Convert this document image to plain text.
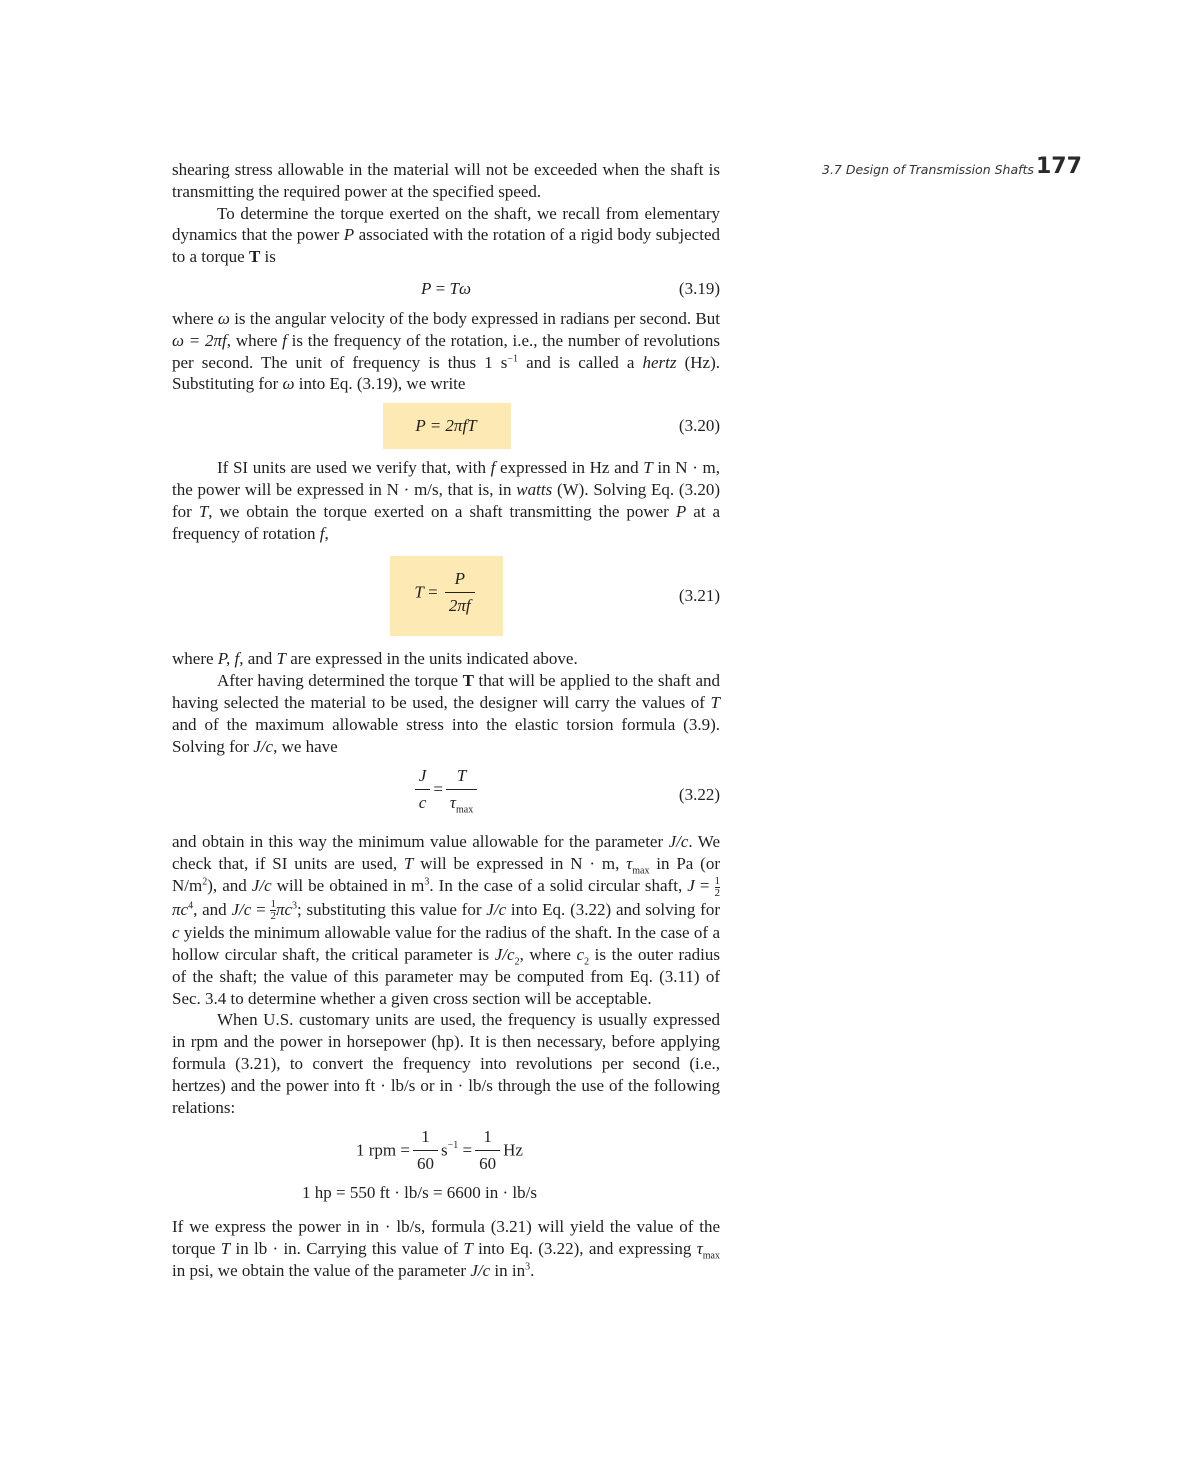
3.7 Design of Transmission Shafts 177

shearing stress allowable in the material will not be exceeded when the shaft is transmitting the required power at the specified speed.

To determine the torque exerted on the shaft, we recall from elementary dynamics that the power P associated with the rotation of a rigid body subjected to a torque T is

P = Tω	(3.19)

where ω is the angular velocity of the body expressed in radians per second. But ω = 2πf, where f is the frequency of the rotation, i.e., the number of revolutions per second. The unit of frequency is thus 1 $s^{-1}$ and is called a hertz (Hz). Substituting for ω into Eq. (3.19), we write

P = 2πfT	(3.20)

If SI units are used we verify that, with f expressed in Hz and T in N · m, the power will be expressed in N · m/s, that is, in watts (W). Solving Eq. (3.20) for T, we obtain the torque exerted on a shaft transmitting the power P at a frequency of rotation f,

$T = \frac{P}{2\pi f}$	(3.21)

where P, f, and T are expressed in the units indicated above.

After having determined the torque T that will be applied to the shaft and having selected the material to be used, the designer will carry the values of T and of the maximum allowable stress into the elastic torsion formula (3.9). Solving for J/c, we have

$\frac{J}{c} = \frac{T}{\tau_{max}}$	(3.22)

and obtain in this way the minimum value allowable for the parameter J/c. We check that, if SI units are used, T will be expressed in N · m, $\tau_{max}$ in Pa (or $N/m^2$), and J/c will be obtained in $m^3$. In the case of a solid circular shaft, $J = \frac{1}{2}$
$\pi c^4$, and $J/c = \frac{1}{2} \pi c^3$; substituting this value for J/c into Eq. (3.22) and solving for c yields the minimum allowable value for the radius of the shaft. In the case of a hollow circular shaft, the critical parameter is $J/c_2$, where $c_2$ is the outer radius of the shaft; the value of this parameter may be computed from Eq. (3.11) of Sec. 3.4 to determine whether a given cross section will be acceptable.

When U.S. customary units are used, the frequency is usually expressed in rpm and the power in horsepower (hp). It is then necessary, before applying formula (3.21), to convert the frequency into revolutions per second (i.e., hertzes) and the power into ft · lb/s or in · lb/s through the use of the following relations:

1 rpm = $\frac{1}{60} s^{-1} = \frac{1}{60}$ Hz
1 hp = 550 ft · lb/s = 6600 in · lb/s

If we express the power in in · lb/s, formula (3.21) will yield the value of the torque T in lb · in. Carrying this value of T into Eq. (3.22), and expressing $\tau_{max}$ in psi, we obtain the value of the parameter J/c in $in^3$.
